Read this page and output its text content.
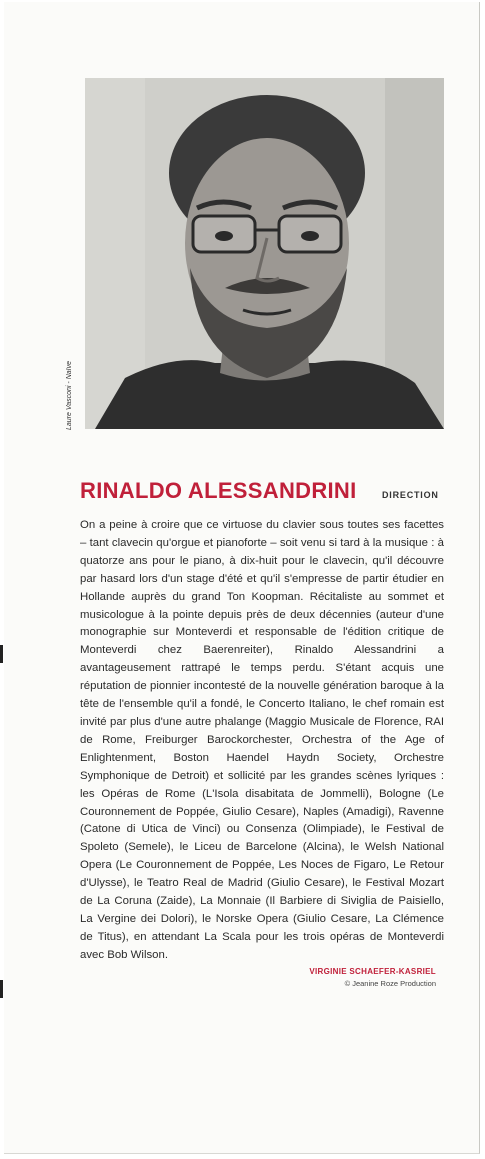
Laure Vasconi - Naïve
RINALDO ALESSANDRINI	DIRECTION

On a peine à croire que ce virtuose du clavier sous toutes ses facettes – tant clavecin qu'orgue et pianoforte – soit venu si tard à la musique : à quatorze ans pour le piano, à dix-huit pour le clavecin, qu'il découvre par hasard lors d'un stage d'été et qu'il s'empresse de partir étudier en Hollande auprès du grand Ton Koopman. Récitaliste au sommet et musicologue à la pointe depuis près de deux décennies (auteur d'une monographie sur Monteverdi et responsable de l'édition critique de Monteverdi chez Baerenreiter), Rinaldo Alessandrini a avantageusement rattrapé le temps perdu. S'étant acquis une réputation de pionnier incontesté de la nouvelle génération baroque à la tête de l'ensemble qu'il a fondé, le Concerto Italiano, le chef romain est invité par plus d'une autre phalange (Maggio Musicale de Florence, RAI de Rome, Freiburger Barockorchester, Orchestra of the Age of Enlightenment, Boston Haendel Haydn Society, Orchestre Symphonique de Detroit) et sollicité par les grandes scènes lyriques : les Opéras de Rome (L'Isola disabitata de Jommelli), Bologne (Le Couronnement de Poppée, Giulio Cesare), Naples (Amadigi), Ravenne (Catone di Utica de Vinci) ou Consenza (Olimpiade), le Festival de Spoleto (Semele), le Liceu de Barcelone (Alcina), le Welsh National Opera (Le Couronnement de Poppée, Les Noces de Figaro, Le Retour d'Ulysse), le Teatro Real de Madrid (Giulio Cesare), le Festival Mozart de La Coruna (Zaide), La Monnaie (Il Barbiere di Siviglia de Paisiello, La Vergine dei Dolori), le Norske Opera (Giulio Cesare, La Clémence de Titus), en attendant La Scala pour les trois opéras de Monteverdi avec Bob Wilson.

VIRGINIE SCHAEFER-KASRIEL
© Jeanine Roze Production
